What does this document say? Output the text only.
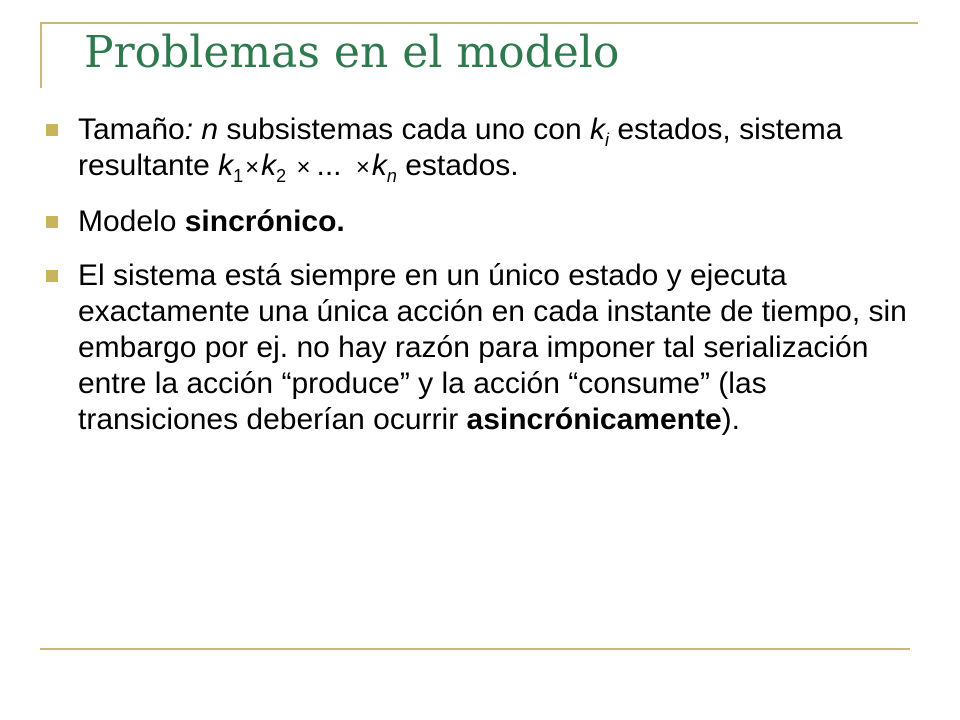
Problemas en el modelo
Tamaño: n subsistemas cada uno con $k_i$ estados, sistema resultante $k_1\times k_2$ × ... $\times k_n$ estados.
Modelo sincrónico.
El sistema está siempre en un único estado y ejecuta exactamente una única acción en cada instante de tiempo, sin embargo por ej. no hay razón para imponer tal serialización entre la acción “produce” y la acción “consume” (las transiciones deberían ocurrir asincrónicamente).
